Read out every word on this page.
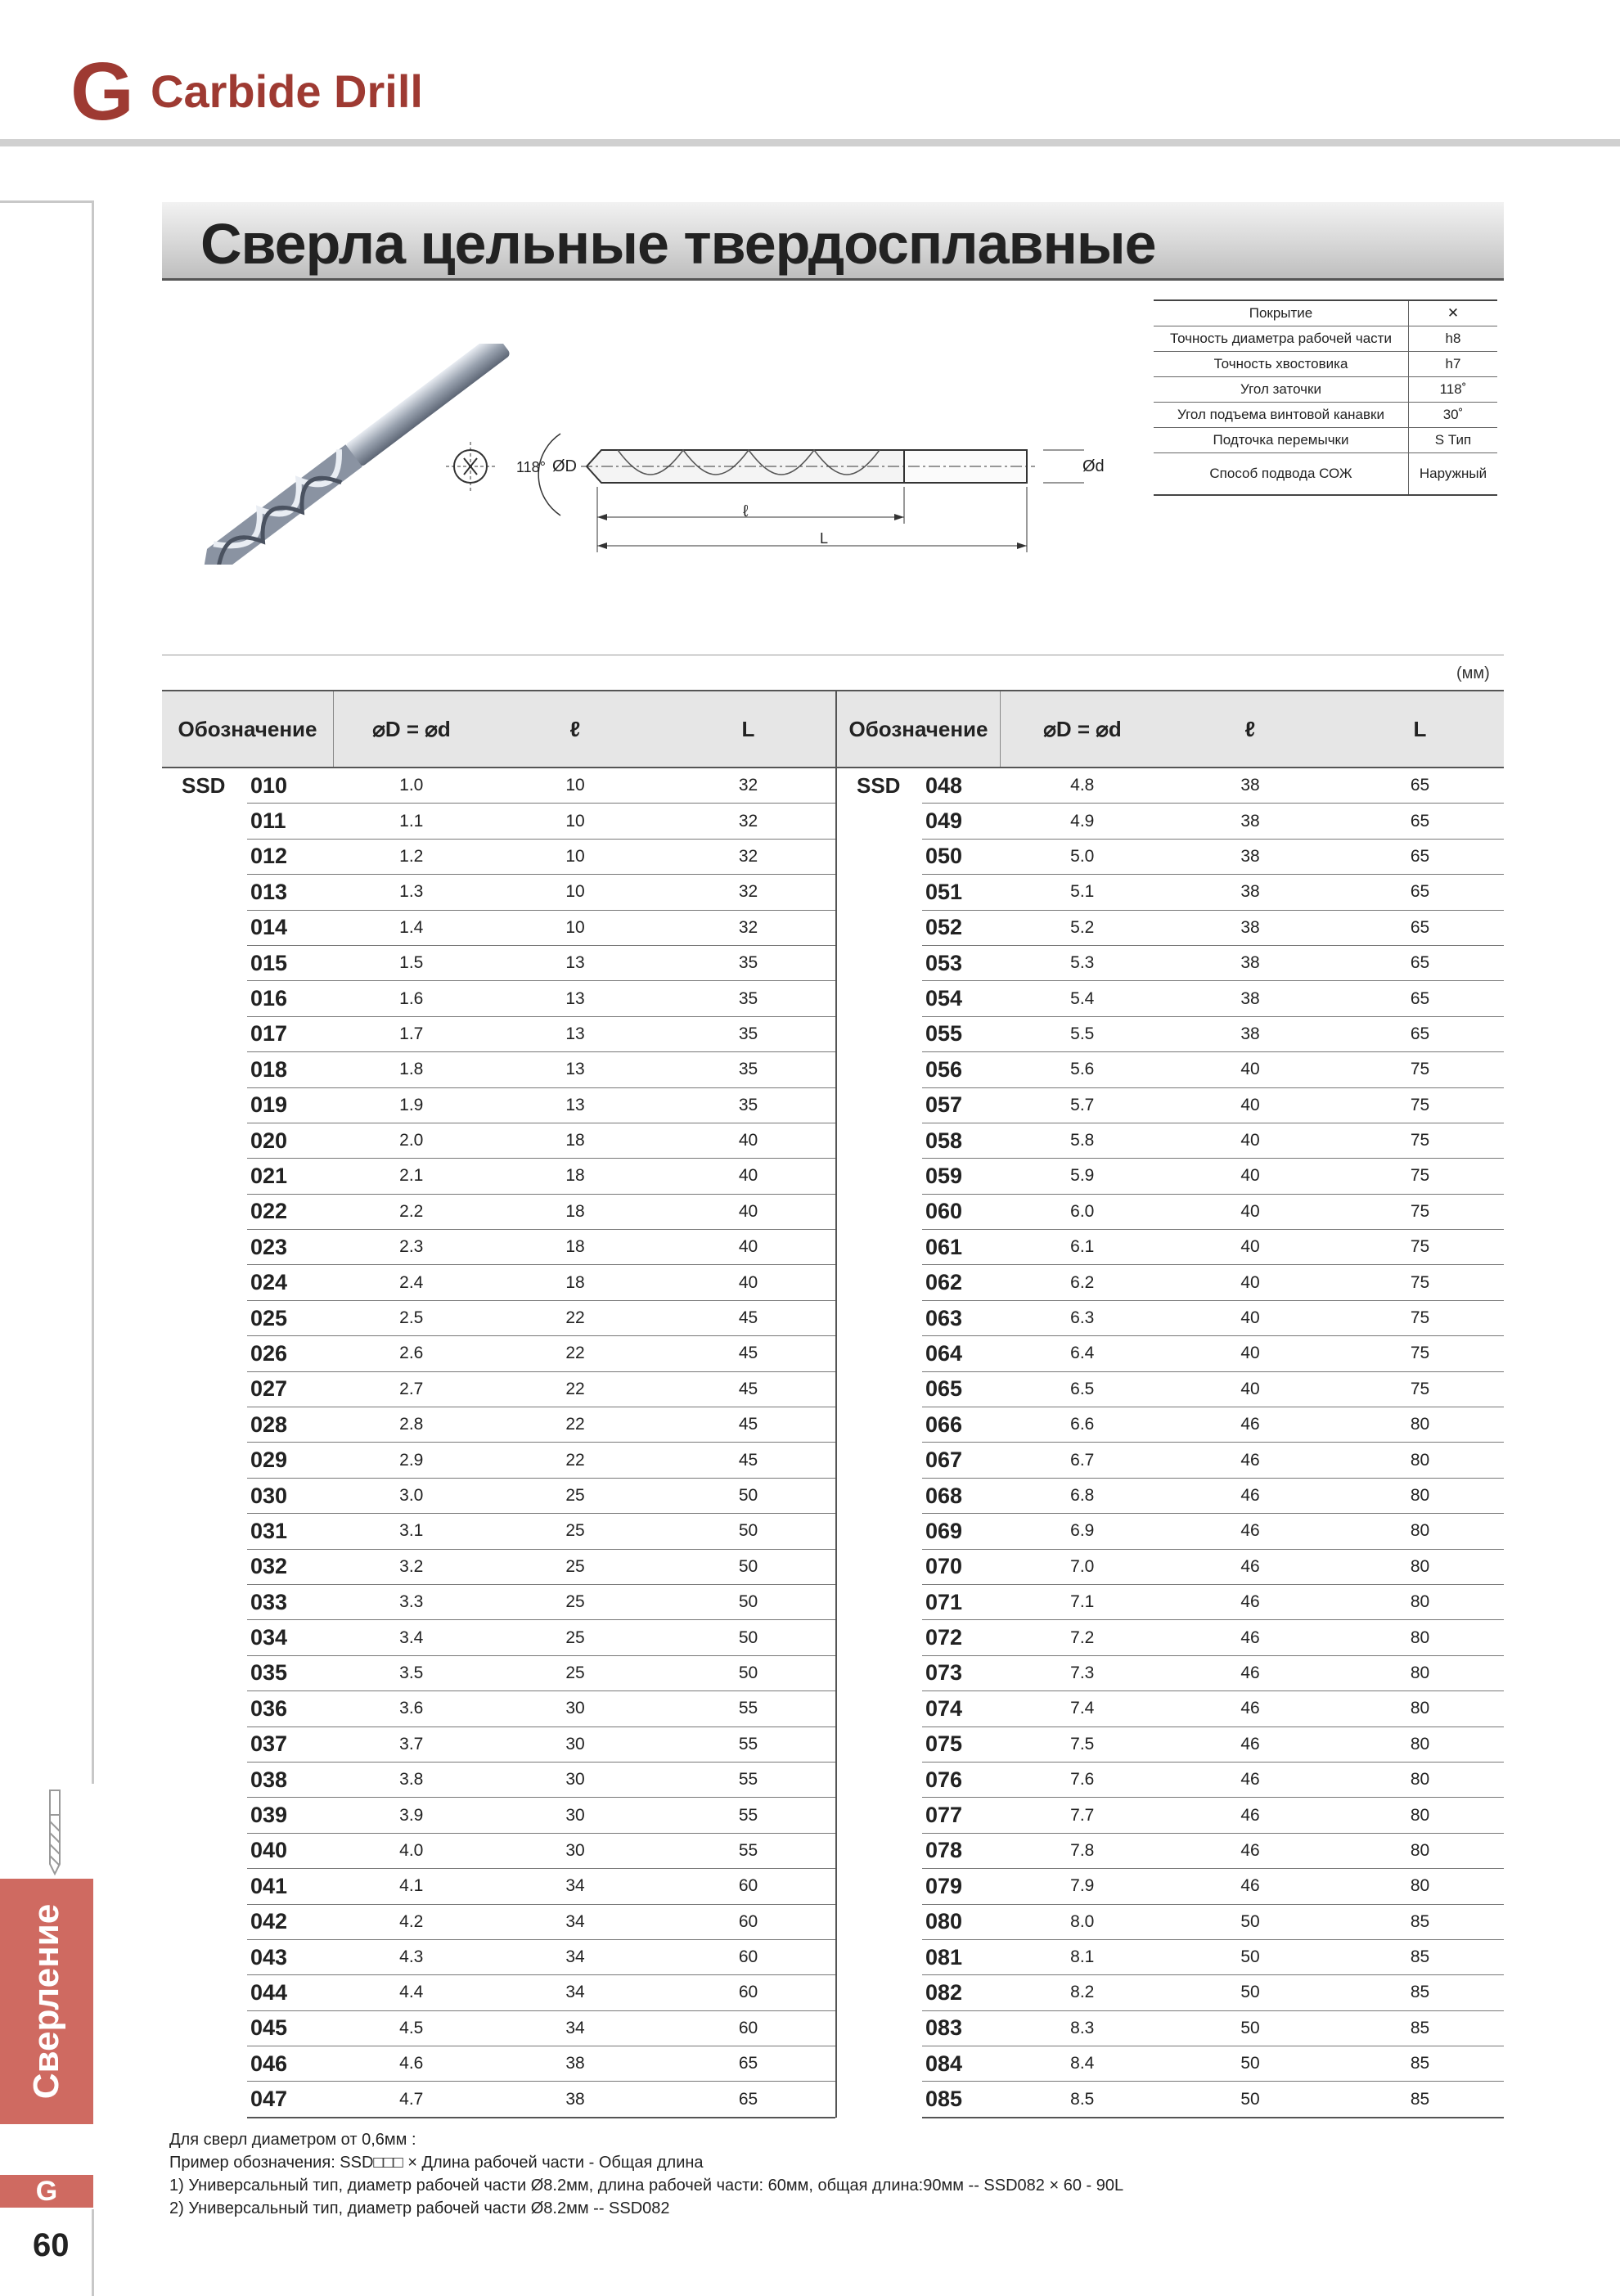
G Carbide Drill
Сверление
G
60
Сверла цельные твердосплавные
118° ØD	Ød
ℓ
L
Покрытие	✕
Точность диаметра рабочей части	h8
Точность хвостовика	h7
Угол заточки	118˚
Угол подъема винтовой канавки	30˚
Подточка перемычки	S Тип
Способ подвода СОЖ	Наружный
(мм)
Обозначение		⌀D = ⌀d	ℓ	L
SSD	010	1.0	10	32
	011	1.1	10	32
	012	1.2	10	32
	013	1.3	10	32
	014	1.4	10	32
	015	1.5	13	35
	016	1.6	13	35
	017	1.7	13	35
	018	1.8	13	35
	019	1.9	13	35
	020	2.0	18	40
	021	2.1	18	40
	022	2.2	18	40
	023	2.3	18	40
	024	2.4	18	40
	025	2.5	22	45
	026	2.6	22	45
	027	2.7	22	45
	028	2.8	22	45
	029	2.9	22	45
	030	3.0	25	50
	031	3.1	25	50
	032	3.2	25	50
	033	3.3	25	50
	034	3.4	25	50
	035	3.5	25	50
	036	3.6	30	55
	037	3.7	30	55
	038	3.8	30	55
	039	3.9	30	55
	040	4.0	30	55
	041	4.1	34	60
	042	4.2	34	60
	043	4.3	34	60
	044	4.4	34	60
	045	4.5	34	60
	046	4.6	38	65
	047	4.7	38	65
Обозначение		⌀D = ⌀d	ℓ	L
SSD	048	4.8	38	65
	049	4.9	38	65
	050	5.0	38	65
	051	5.1	38	65
	052	5.2	38	65
	053	5.3	38	65
	054	5.4	38	65
	055	5.5	38	65
	056	5.6	40	75
	057	5.7	40	75
	058	5.8	40	75
	059	5.9	40	75
	060	6.0	40	75
	061	6.1	40	75
	062	6.2	40	75
	063	6.3	40	75
	064	6.4	40	75
	065	6.5	40	75
	066	6.6	46	80
	067	6.7	46	80
	068	6.8	46	80
	069	6.9	46	80
	070	7.0	46	80
	071	7.1	46	80
	072	7.2	46	80
	073	7.3	46	80
	074	7.4	46	80
	075	7.5	46	80
	076	7.6	46	80
	077	7.7	46	80
	078	7.8	46	80
	079	7.9	46	80
	080	8.0	50	85
	081	8.1	50	85
	082	8.2	50	85
	083	8.3	50	85
	084	8.4	50	85
	085	8.5	50	85
Для сверл диаметром от 0,6мм :
Пример обозначения: SSD□□□ × Длина рабочей части - Общая длина
1) Универсальный тип, диаметр рабочей части Ø8.2мм, длина рабочей части: 60мм, общая длина:90мм -- SSD082 × 60 - 90L
2) Универсальный тип, диаметр рабочей части Ø8.2мм -- SSD082
